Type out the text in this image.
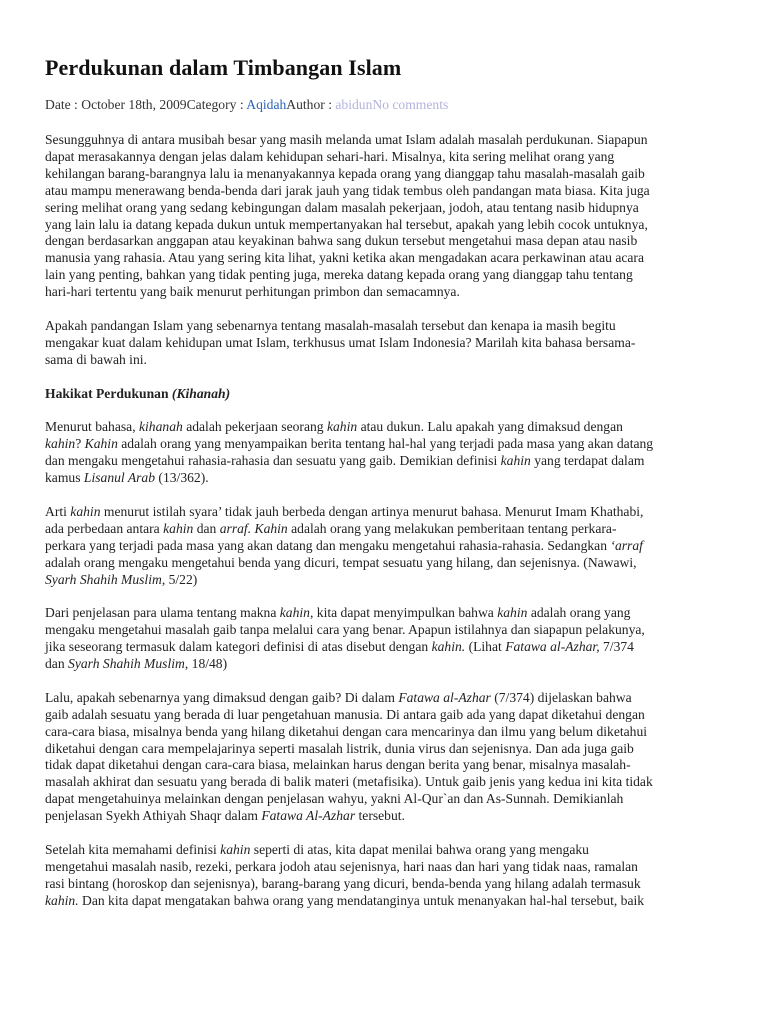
Perdukunan dalam Timbangan Islam
Date : October 18th, 2009Category : AqidahAuthor : abidunNo comments

Sesungguhnya di antara musibah besar yang masih melanda umat Islam adalah masalah perdukunan. Siapapun
dapat merasakannya dengan jelas dalam kehidupan sehari-hari. Misalnya, kita sering melihat orang yang
kehilangan barang-barangnya lalu ia menanyakannya kepada orang yang dianggap tahu masalah-masalah gaib
atau mampu menerawang benda-benda dari jarak jauh yang tidak tembus oleh pandangan mata biasa. Kita juga
sering melihat orang yang sedang kebingungan dalam masalah pekerjaan, jodoh, atau tentang nasib hidupnya
yang lain lalu ia datang kepada dukun untuk mempertanyakan hal tersebut, apakah yang lebih cocok untuknya,
dengan berdasarkan anggapan atau keyakinan bahwa sang dukun tersebut mengetahui masa depan atau nasib
manusia yang rahasia. Atau yang sering kita lihat, yakni ketika akan mengadakan acara perkawinan atau acara
lain yang penting, bahkan yang tidak penting juga, mereka datang kepada orang yang dianggap tahu tentang
hari-hari tertentu yang baik menurut perhitungan primbon dan semacamnya.

Apakah pandangan Islam yang sebenarnya tentang masalah-masalah tersebut dan kenapa ia masih begitu
mengakar kuat dalam kehidupan umat Islam, terkhusus umat Islam Indonesia? Marilah kita bahasa bersama-
sama di bawah ini.

Hakikat Perdukunan (Kihanah)

Menurut bahasa, kihanah adalah pekerjaan seorang kahin atau dukun. Lalu apakah yang dimaksud dengan
kahin? Kahin adalah orang yang menyampaikan berita tentang hal-hal yang terjadi pada masa yang akan datang
dan mengaku mengetahui rahasia-rahasia dan sesuatu yang gaib. Demikian definisi kahin yang terdapat dalam
kamus Lisanul Arab (13/362).

Arti kahin menurut istilah syara’ tidak jauh berbeda dengan artinya menurut bahasa. Menurut Imam Khathabi,
ada perbedaan antara kahin dan arraf. Kahin adalah orang yang melakukan pemberitaan tentang perkara-
perkara yang terjadi pada masa yang akan datang dan mengaku mengetahui rahasia-rahasia. Sedangkan ‘arraf
adalah orang mengaku mengetahui benda yang dicuri, tempat sesuatu yang hilang, dan sejenisnya. (Nawawi,
Syarh Shahih Muslim, 5/22)

Dari penjelasan para ulama tentang makna kahin, kita dapat menyimpulkan bahwa kahin adalah orang yang
mengaku mengetahui masalah gaib tanpa melalui cara yang benar. Apapun istilahnya dan siapapun pelakunya,
jika seseorang termasuk dalam kategori definisi di atas disebut dengan kahin. (Lihat Fatawa al-Azhar, 7/374
dan Syarh Shahih Muslim, 18/48)

Lalu, apakah sebenarnya yang dimaksud dengan gaib? Di dalam Fatawa al-Azhar (7/374) dijelaskan bahwa
gaib adalah sesuatu yang berada di luar pengetahuan manusia. Di antara gaib ada yang dapat diketahui dengan
cara-cara biasa, misalnya benda yang hilang diketahui dengan cara mencarinya dan ilmu yang belum diketahui
diketahui dengan cara mempelajarinya seperti masalah listrik, dunia virus dan sejenisnya. Dan ada juga gaib
tidak dapat diketahui dengan cara-cara biasa, melainkan harus dengan berita yang benar, misalnya masalah-
masalah akhirat dan sesuatu yang berada di balik materi (metafisika). Untuk gaib jenis yang kedua ini kita tidak
dapat mengetahuinya melainkan dengan penjelasan wahyu, yakni Al-Qur`an dan As-Sunnah. Demikianlah
penjelasan Syekh Athiyah Shaqr dalam Fatawa Al-Azhar tersebut.

Setelah kita memahami definisi kahin seperti di atas, kita dapat menilai bahwa orang yang mengaku
mengetahui masalah nasib, rezeki, perkara jodoh atau sejenisnya, hari naas dan hari yang tidak naas, ramalan
rasi bintang (horoskop dan sejenisnya), barang-barang yang dicuri, benda-benda yang hilang adalah termasuk
kahin. Dan kita dapat mengatakan bahwa orang yang mendatanginya untuk menanyakan hal-hal tersebut, baik
